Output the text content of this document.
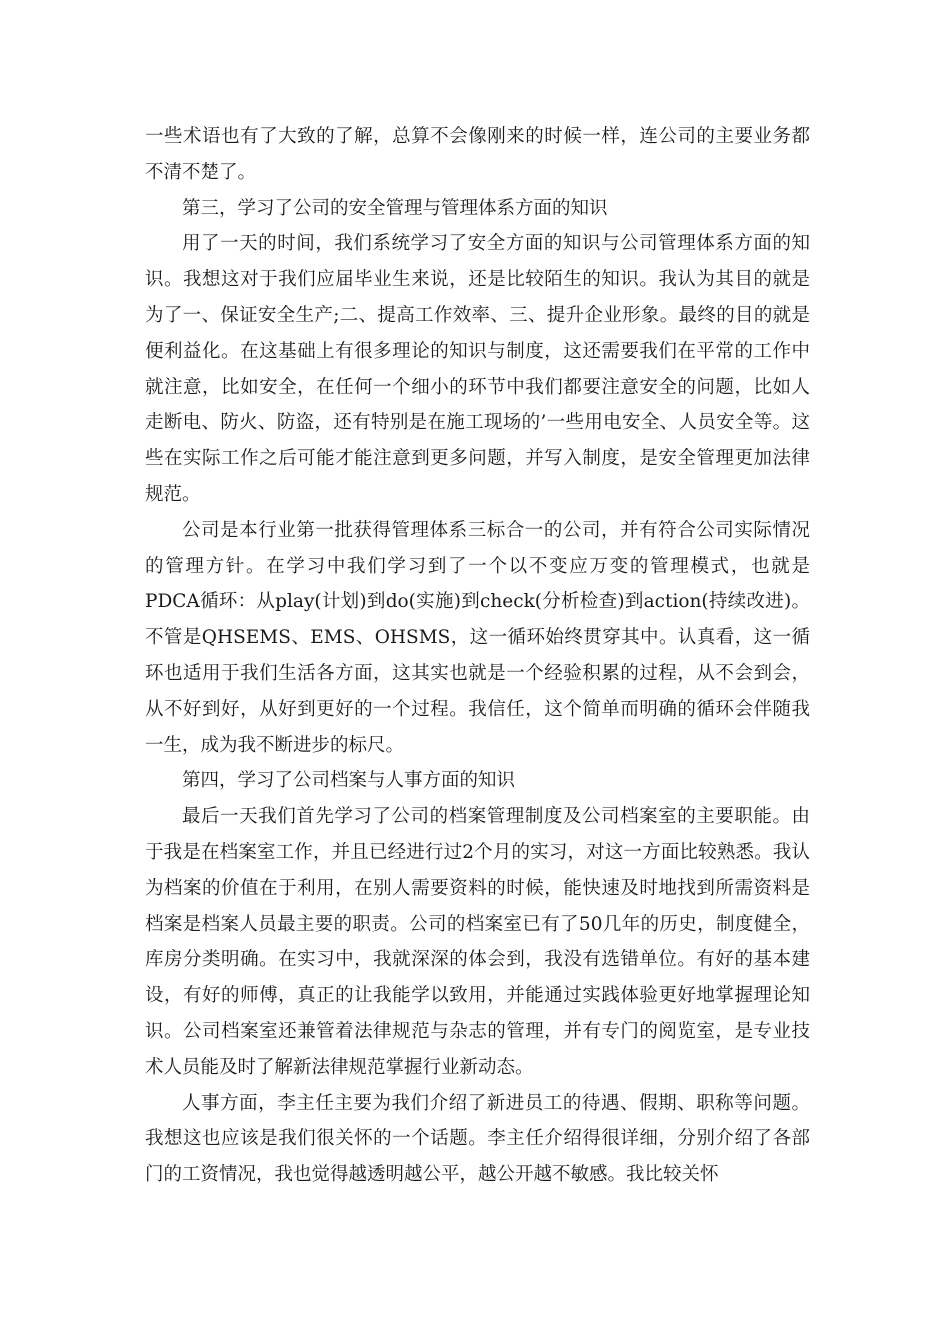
一些术语也有了大致的了解，总算不会像刚来的时候一样，连公司的主要业务都不清不楚了。

第三，学习了公司的安全管理与管理体系方面的知识

用了一天的时间，我们系统学习了安全方面的知识与公司管理体系方面的知识。我想这对于我们应届毕业生来说，还是比较陌生的知识。我认为其目的就是为了一、保证安全生产;二、提高工作效率、三、提升企业形象。最终的目的就是便利益化。在这基础上有很多理论的知识与制度，这还需要我们在平常的工作中就注意，比如安全，在任何一个细小的环节中我们都要注意安全的问题，比如人走断电、防火、防盗，还有特别是在施工现场的’一些用电安全、人员安全等。这些在实际工作之后可能才能注意到更多问题，并写入制度，是安全管理更加法律规范。

公司是本行业第一批获得管理体系三标合一的公司，并有符合公司实际情况的管理方针。在学习中我们学习到了一个以不变应万变的管理模式，也就是PDCA循环：从play(计划)到do(实施)到check(分析检查)到action(持续改进)。不管是QHSEMS、EMS、OHSMS，这一循环始终贯穿其中。认真看，这一循环也适用于我们生活各方面，这其实也就是一个经验积累的过程，从不会到会，从不好到好，从好到更好的一个过程。我信任，这个简单而明确的循环会伴随我一生，成为我不断进步的标尺。

第四，学习了公司档案与人事方面的知识

最后一天我们首先学习了公司的档案管理制度及公司档案室的主要职能。由于我是在档案室工作，并且已经进行过2个月的实习，对这一方面比较熟悉。我认为档案的价值在于利用，在别人需要资料的时候，能快速及时地找到所需资料是档案是档案人员最主要的职责。公司的档案室已有了50几年的历史，制度健全，库房分类明确。在实习中，我就深深的体会到，我没有选错单位。有好的基本建设，有好的师傅，真正的让我能学以致用，并能通过实践体验更好地掌握理论知识。公司档案室还兼管着法律规范与杂志的管理，并有专门的阅览室，是专业技术人员能及时了解新法律规范掌握行业新动态。

人事方面，李主任主要为我们介绍了新进员工的待遇、假期、职称等问题。我想这也应该是我们很关怀的一个话题。李主任介绍得很详细，分别介绍了各部门的工资情况，我也觉得越透明越公平，越公开越不敏感。我比较关怀
